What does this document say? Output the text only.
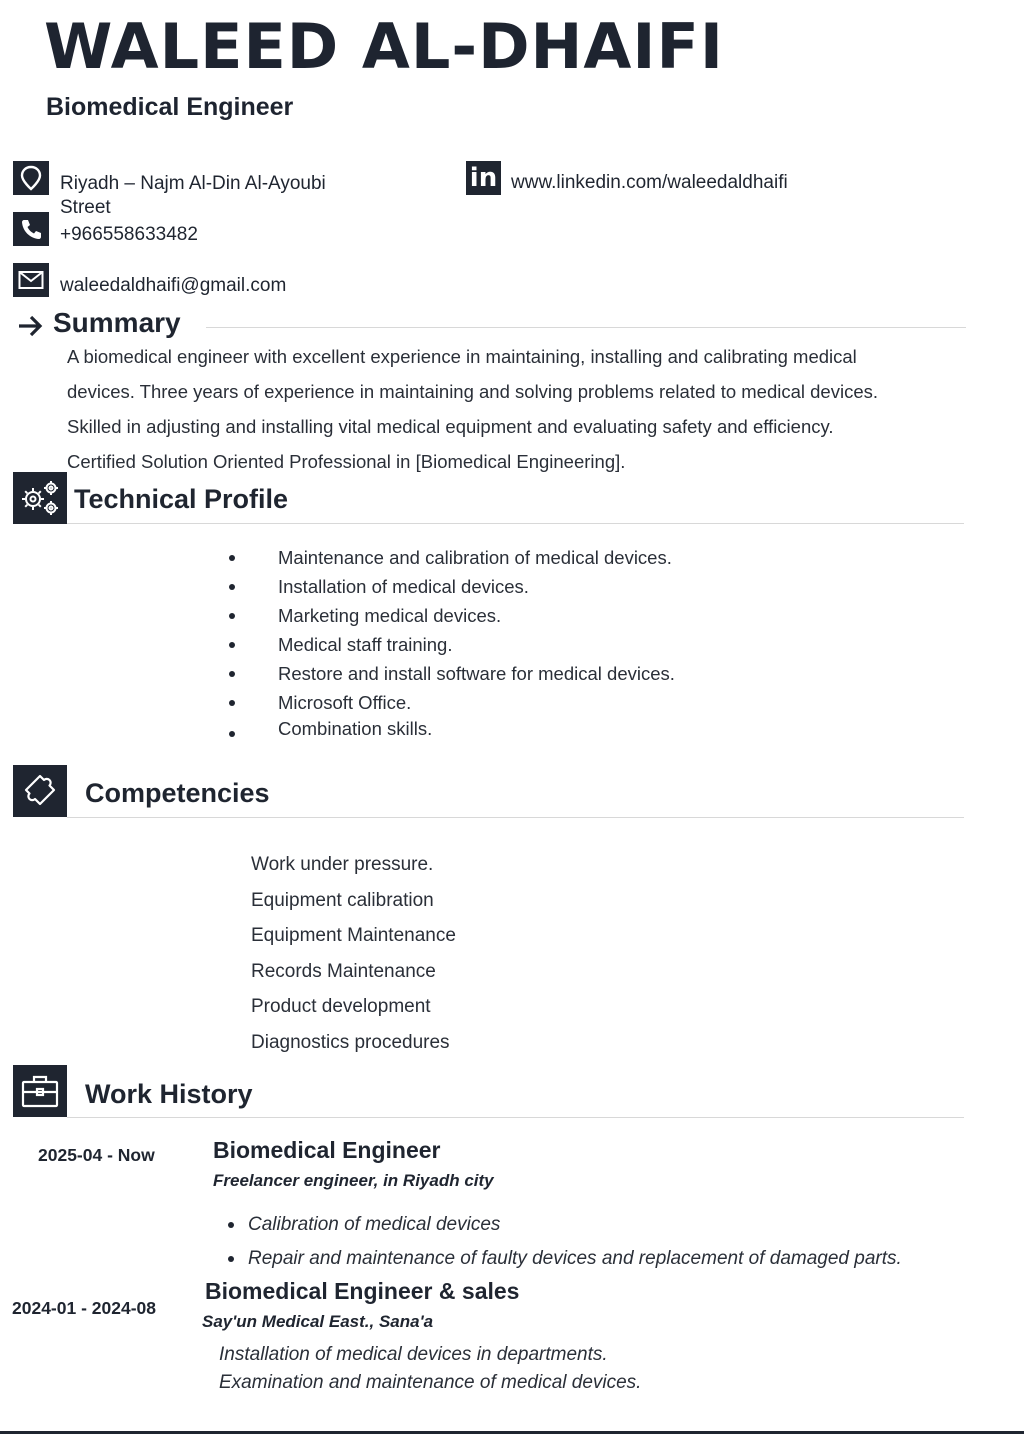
WALEED AL-DHAIFI
Biomedical Engineer
Riyadh – Najm Al-Din Al-Ayoubi
Street
+966558633482
waleedaldhaifi@gmail.com
in www.linkedin.com/waleedaldhaifi
Summary

A biomedical engineer with excellent experience in maintaining, installing and calibrating medical

devices. Three years of experience in maintaining and solving problems related to medical devices.

Skilled in adjusting and installing vital medical equipment and evaluating safety and efficiency.

Certified Solution Oriented Professional in [Biomedical Engineering].

Technical Profile
Maintenance and calibration of medical devices.
Installation of medical devices.
Marketing medical devices.
Medical staff training.
Restore and install software for medical devices.
Microsoft Office.
Combination skills.
Competencies
Work under pressure.
Equipment calibration
Equipment Maintenance
Records Maintenance
Product development
Diagnostics procedures
Work History
2025-04 - Now	Biomedical Engineer
Freelancer engineer, in Riyadh city
Calibration of medical devices
Repair and maintenance of faulty devices and replacement of damaged parts.
2024-01 - 2024-08
Biomedical Engineer & sales
Say'un Medical East., Sana'a
Installation of medical devices in departments.
Examination and maintenance of medical devices.
